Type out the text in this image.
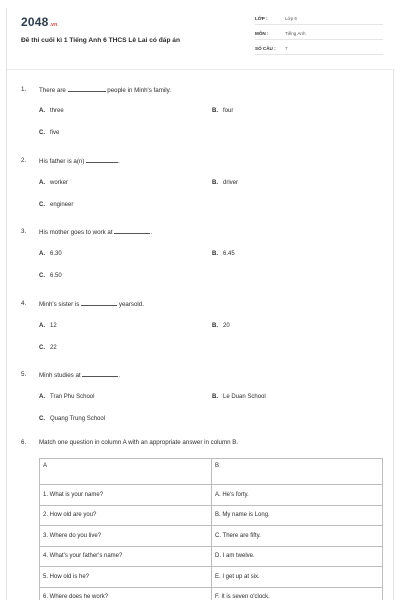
2048.vn
Đề thi cuối kì 1 Tiếng Anh 6 THCS Lê Lai có đáp án
LỚP :	Lớp 6
MÔN :	Tiếng Anh
SỐ CÂU : 7
1.	There are	people in Minh's family.
A. three	B. four
C. five
2.	His father is a(n)	.
A. worker	B. driver
C. engineer
3.	His mother goes to work at	.
A. 6.30	B. 6.45
C. 6.50
4.	Minh's sister is	yearsold.
A. 12	B. 20
C. 22
5.	Minh studies at	.
A. Tran Phu School	B. Le Duan School
C. Quang Trung School
6.	Match one question in column A with an appropriate answer in column B.
A	B
1. What is your name?	A. He's forty.
2. How old are you?	B. My name is Long.
3. Where do you live?	C. There are fifty.
4. What's your father's name?	D. I am twelve.
5. How old is he?	E. I get up at six.
6. Where does he work?	F. It is seven o'clock.
